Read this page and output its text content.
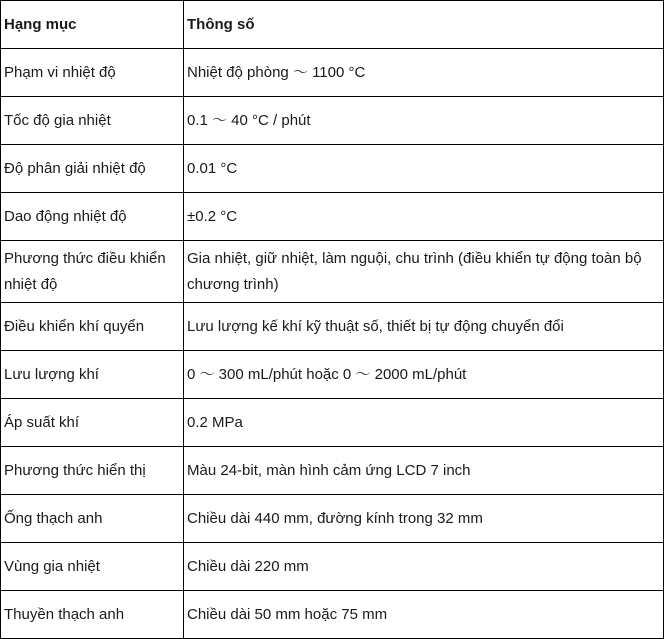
Hạng mục	Thông số
Phạm vi nhiệt độ	Nhiệt độ phòng ～ 1100 °C
Tốc độ gia nhiệt	0.1 ～ 40 °C / phút
Độ phân giải nhiệt độ	0.01 °C
Dao động nhiệt độ	±0.2 °C
Phương thức điều khiển nhiệt độ	Gia nhiệt, giữ nhiệt, làm nguội, chu trình (điều khiển tự động toàn bộ chương trình)
Điều khiển khí quyển	Lưu lượng kế khí kỹ thuật số, thiết bị tự động chuyển đổi
Lưu lượng khí	0 ～ 300 mL/phút hoặc 0 ～ 2000 mL/phút
Áp suất khí	0.2 MPa
Phương thức hiển thị	Màu 24-bit, màn hình cảm ứng LCD 7 inch
Ống thạch anh	Chiều dài 440 mm, đường kính trong 32 mm
Vùng gia nhiệt	Chiều dài 220 mm
Thuyền thạch anh	Chiều dài 50 mm hoặc 75 mm
